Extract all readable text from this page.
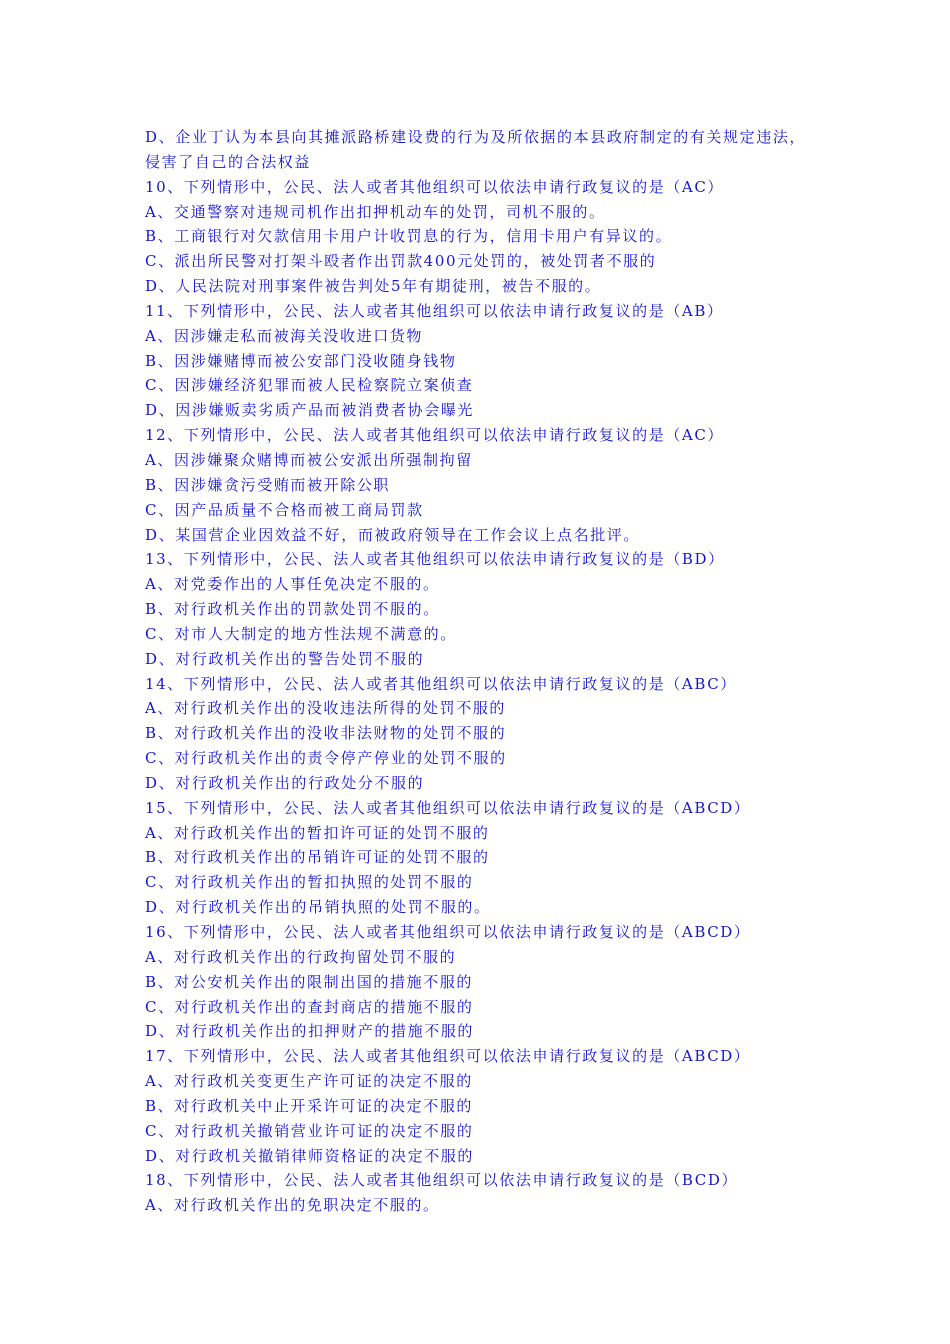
D、企业丁认为本县向其摊派路桥建设费的行为及所依据的本县政府制定的有关规定违法，
侵害了自己的合法权益
10、下列情形中，公民、法人或者其他组织可以依法申请行政复议的是（AC）
A、交通警察对违规司机作出扣押机动车的处罚，司机不服的。
B、工商银行对欠款信用卡用户计收罚息的行为，信用卡用户有异议的。
C、派出所民警对打架斗殴者作出罚款400元处罚的，被处罚者不服的
D、人民法院对刑事案件被告判处5年有期徒刑，被告不服的。
11、下列情形中，公民、法人或者其他组织可以依法申请行政复议的是（AB）
A、因涉嫌走私而被海关没收进口货物
B、因涉嫌赌博而被公安部门没收随身钱物
C、因涉嫌经济犯罪而被人民检察院立案侦查
D、因涉嫌贩卖劣质产品而被消费者协会曝光
12、下列情形中，公民、法人或者其他组织可以依法申请行政复议的是（AC）
A、因涉嫌聚众赌博而被公安派出所强制拘留
B、因涉嫌贪污受贿而被开除公职
C、因产品质量不合格而被工商局罚款
D、某国营企业因效益不好，而被政府领导在工作会议上点名批评。
13、下列情形中，公民、法人或者其他组织可以依法申请行政复议的是（BD）
A、对党委作出的人事任免决定不服的。
B、对行政机关作出的罚款处罚不服的。
C、对市人大制定的地方性法规不满意的。
D、对行政机关作出的警告处罚不服的
14、下列情形中，公民、法人或者其他组织可以依法申请行政复议的是（ABC）
A、对行政机关作出的没收违法所得的处罚不服的
B、对行政机关作出的没收非法财物的处罚不服的
C、对行政机关作出的责令停产停业的处罚不服的
D、对行政机关作出的行政处分不服的
15、下列情形中，公民、法人或者其他组织可以依法申请行政复议的是（ABCD）
A、对行政机关作出的暂扣许可证的处罚不服的
B、对行政机关作出的吊销许可证的处罚不服的
C、对行政机关作出的暂扣执照的处罚不服的
D、对行政机关作出的吊销执照的处罚不服的。
16、下列情形中，公民、法人或者其他组织可以依法申请行政复议的是（ABCD）
A、对行政机关作出的行政拘留处罚不服的
B、对公安机关作出的限制出国的措施不服的
C、对行政机关作出的查封商店的措施不服的
D、对行政机关作出的扣押财产的措施不服的
17、下列情形中，公民、法人或者其他组织可以依法申请行政复议的是（ABCD）
A、对行政机关变更生产许可证的决定不服的
B、对行政机关中止开采许可证的决定不服的
C、对行政机关撤销营业许可证的决定不服的
D、对行政机关撤销律师资格证的决定不服的
18、下列情形中，公民、法人或者其他组织可以依法申请行政复议的是（BCD）
A、对行政机关作出的免职决定不服的。
